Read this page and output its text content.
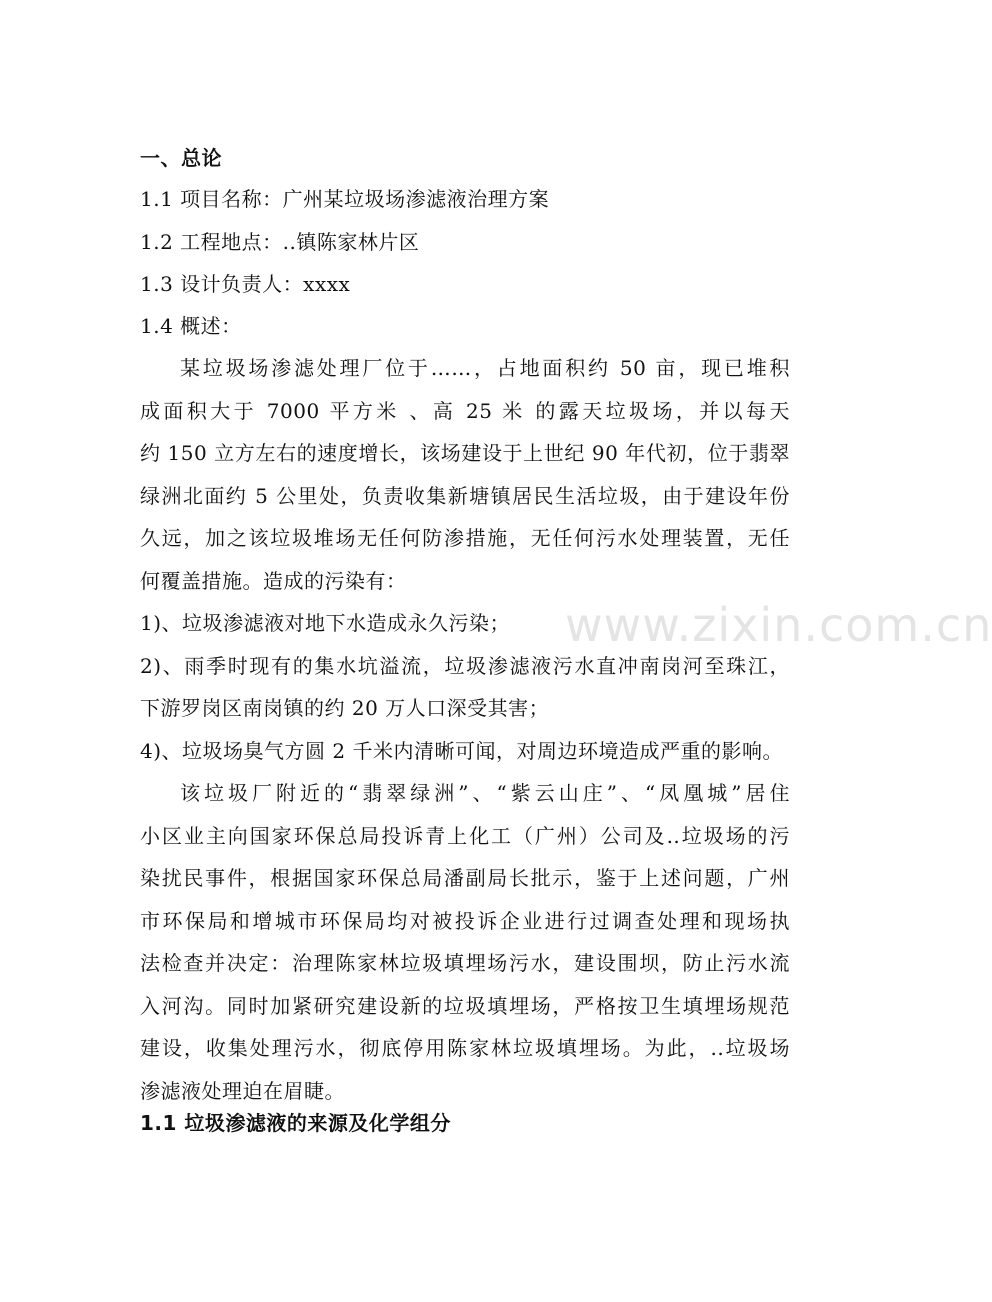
www.zixin.com.cn
一、总论
1.1 项目名称：广州某垃圾场渗滤液治理方案
1.2 工程地点：..镇陈家林片区
1.3 设计负责人：xxxx
1.4 概述：
某垃圾场渗滤处理厂位于……，占地面积约 50 亩，现已堆积
成面积大于 7000 平方米 、高 25 米 的露天垃圾场，并以每天
约 150 立方左右的速度增长，该场建设于上世纪 90 年代初，位于翡翠
绿洲北面约 5 公里处，负责收集新塘镇居民生活垃圾，由于建设年份
久远，加之该垃圾堆场无任何防渗措施，无任何污水处理装置，无任
何覆盖措施。造成的污染有：
1)、垃圾渗滤液对地下水造成永久污染；
2)、雨季时现有的集水坑溢流，垃圾渗滤液污水直冲南岗河至珠江，
下游罗岗区南岗镇的约 20 万人口深受其害；
4)、垃圾场臭气方圆 2 千米内清晰可闻，对周边环境造成严重的影响。
该垃圾厂附近的“翡翠绿洲”、“紫云山庄”、“凤凰城”居住
小区业主向国家环保总局投诉青上化工（广州）公司及..垃圾场的污
染扰民事件，根据国家环保总局潘副局长批示，鉴于上述问题，广州
市环保局和增城市环保局均对被投诉企业进行过调查处理和现场执
法检查并决定：治理陈家林垃圾填埋场污水，建设围坝，防止污水流
入河沟。同时加紧研究建设新的垃圾填埋场，严格按卫生填埋场规范
建设，收集处理污水，彻底停用陈家林垃圾填埋场。为此，..垃圾场
渗滤液处理迫在眉睫。
1.1 垃圾渗滤液的来源及化学组分
